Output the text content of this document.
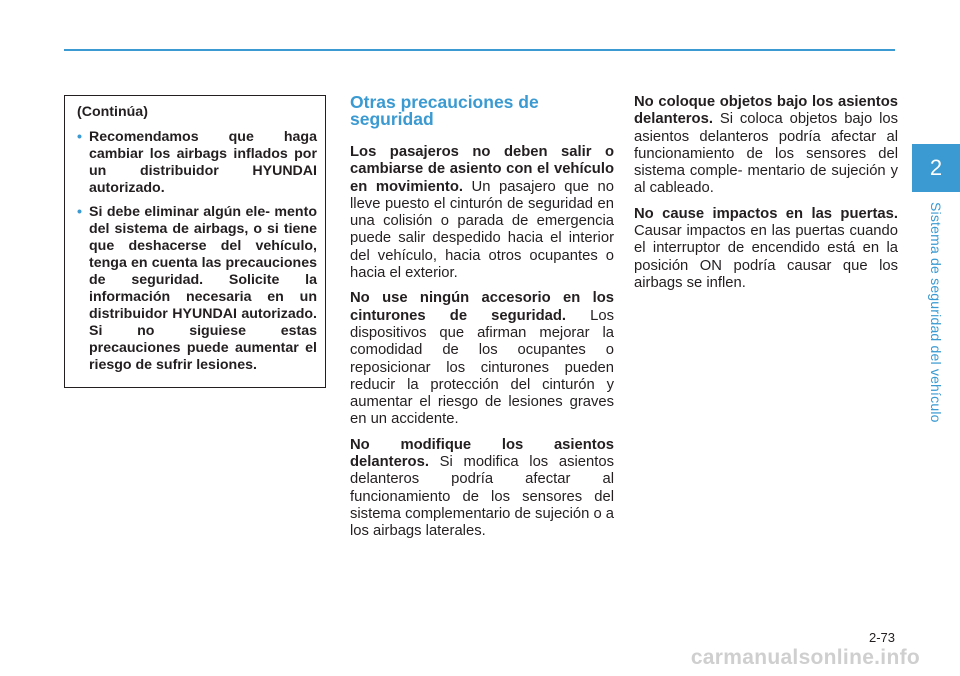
2
Sistema de seguridad del vehículo

(Continúa)

• Recomendamos que haga cambiar los airbags inflados por un distribuidor HYUNDAI autorizado.
• Si debe eliminar algún ele- mento del sistema de airbags, o si tiene que deshacerse del vehículo, tenga en cuenta las precauciones de seguridad. Solicite la información necesaria en un distribuidor HYUNDAI autorizado. Si no siguiese estas precauciones puede aumentar el riesgo de sufrir lesiones.
Otras precauciones de seguridad

Los pasajeros no deben salir o cambiarse de asiento con el vehículo en movimiento. Un pasajero que no lleve puesto el cinturón de seguridad en una colisión o parada de emergencia puede salir despedido hacia el interior del vehículo, hacia otros ocupantes o hacia el exterior.

No use ningún accesorio en los cinturones de seguridad. Los dispositivos que afirman mejorar la comodidad de los ocupantes o reposicionar los cinturones pueden reducir la protección del cinturón y aumentar el riesgo de lesiones graves en un accidente.

No modifique los asientos delanteros. Si modifica los asientos delanteros podría afectar al funcionamiento de los sensores del sistema complementario de sujeción o a los airbags laterales.

No coloque objetos bajo los asientos delanteros. Si coloca objetos bajo los asientos delanteros podría afectar al funcionamiento de los sensores del sistema comple- mentario de sujeción y al cableado.

No cause impactos en las puertas. Causar impactos en las puertas cuando el interruptor de encendido está en la posición ON podría causar que los airbags se inflen.

2-73
carmanualsonline.info
